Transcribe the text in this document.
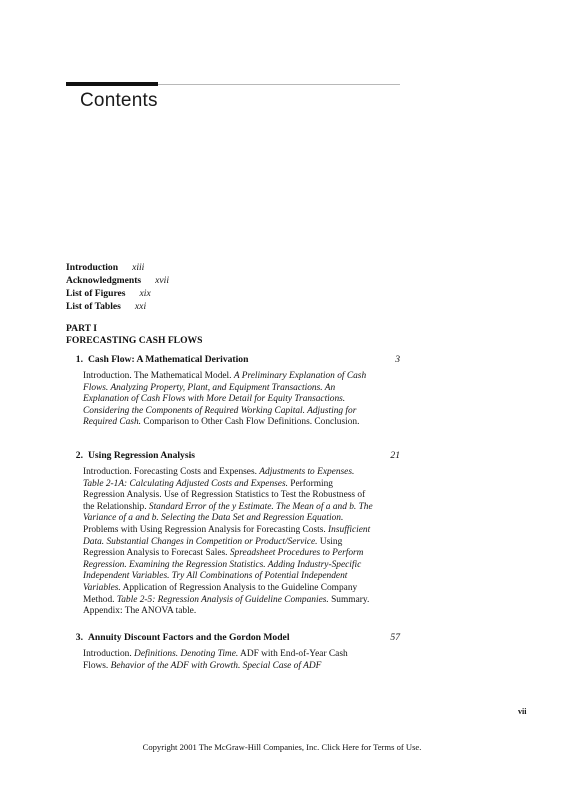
Contents
Introduction xiii
Acknowledgments xvii
List of Figures xix
List of Tables xxi
PART I
FORECASTING CASH FLOWS
1. Cash Flow: A Mathematical Derivation	3
Introduction. The Mathematical Model. A Preliminary Explanation of Cash Flows. Analyzing Property, Plant, and Equipment Transactions. An Explanation of Cash Flows with More Detail for Equity Transactions. Considering the Components of Required Working Capital. Adjusting for Required Cash. Comparison to Other Cash Flow Definitions. Conclusion.
2. Using Regression Analysis	21
Introduction. Forecasting Costs and Expenses. Adjustments to Expenses. Table 2-1A: Calculating Adjusted Costs and Expenses. Performing Regression Analysis. Use of Regression Statistics to Test the Robustness of the Relationship. Standard Error of the y Estimate. The Mean of a and b. The Variance of a and b. Selecting the Data Set and Regression Equation. Problems with Using Regression Analysis for Forecasting Costs. Insufficient Data. Substantial Changes in Competition or Product/Service. Using Regression Analysis to Forecast Sales. Spreadsheet Procedures to Perform Regression. Examining the Regression Statistics. Adding Industry-Specific Independent Variables. Try All Combinations of Potential Independent Variables. Application of Regression Analysis to the Guideline Company Method. Table 2-5: Regression Analysis of Guideline Companies. Summary. Appendix: The ANOVA table.
3. Annuity Discount Factors and the Gordon Model	57
Introduction. Definitions. Denoting Time. ADF with End-of-Year Cash Flows. Behavior of the ADF with Growth. Special Case of ADF
vii
Copyright 2001 The McGraw-Hill Companies, Inc. Click Here for Terms of Use.
